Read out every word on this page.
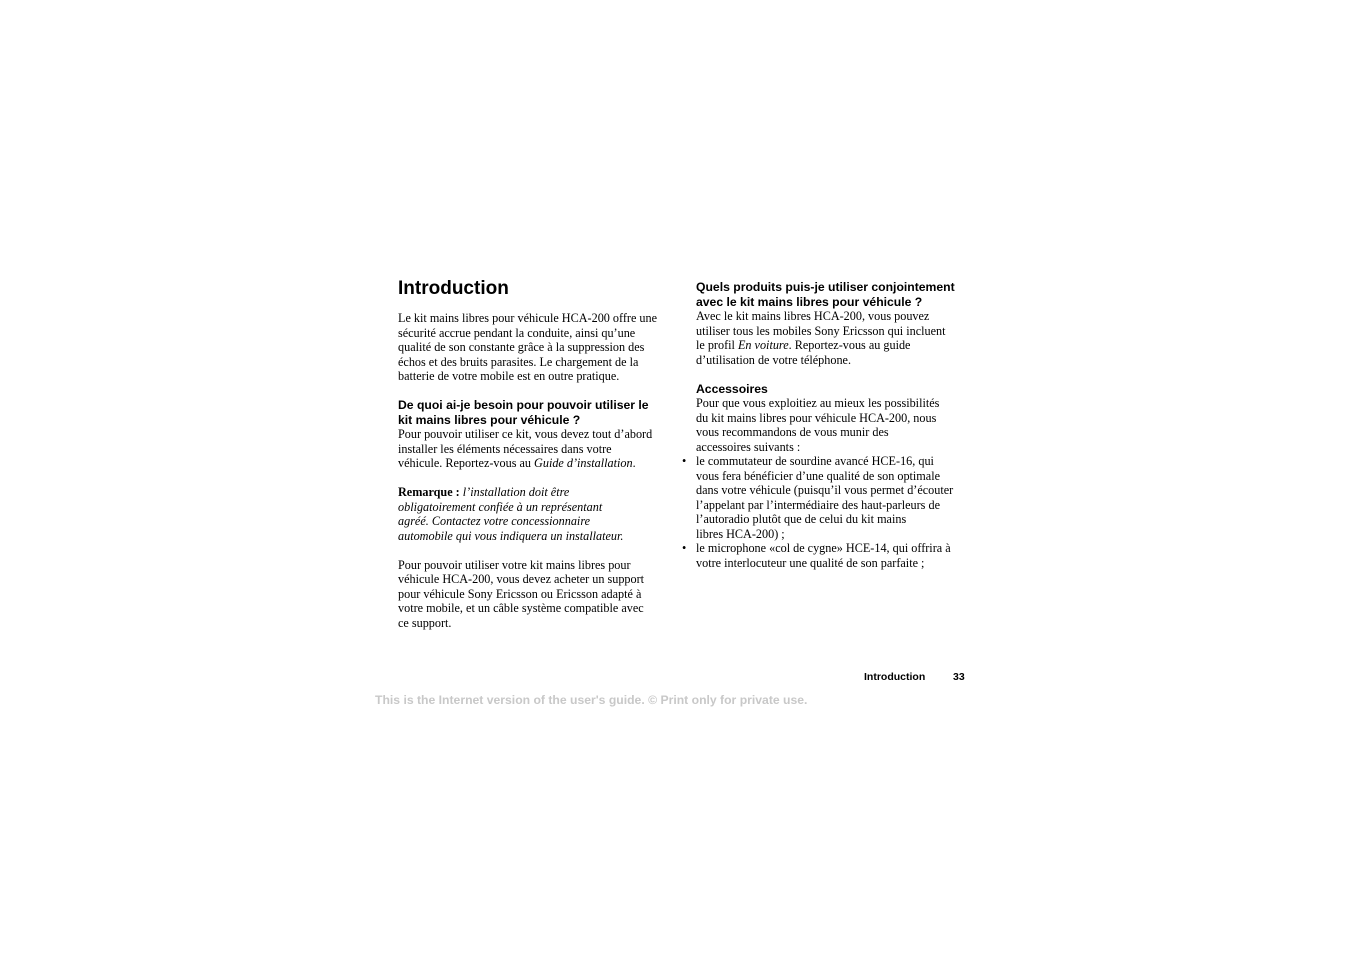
Introduction

Le kit mains libres pour véhicule HCA-200 offre une
sécurité accrue pendant la conduite, ainsi qu’une
qualité de son constante grâce à la suppression des
échos et des bruits parasites. Le chargement de la
batterie de votre mobile est en outre pratique.

De quoi ai-je besoin pour pouvoir utiliser le
kit mains libres pour véhicule ?

Pour pouvoir utiliser ce kit, vous devez tout d’abord
installer les éléments nécessaires dans votre
véhicule. Reportez-vous au Guide d’installation.

Remarque : l’installation doit être
obligatoirement confiée à un représentant
agréé. Contactez votre concessionnaire
automobile qui vous indiquera un installateur.

Pour pouvoir utiliser votre kit mains libres pour
véhicule HCA-200, vous devez acheter un support
pour véhicule Sony Ericsson ou Ericsson adapté à
votre mobile, et un câble système compatible avec
ce support.

Quels produits puis-je utiliser conjointement
avec le kit mains libres pour véhicule ?

Avec le kit mains libres HCA-200, vous pouvez
utiliser tous les mobiles Sony Ericsson qui incluent
le profil En voiture. Reportez-vous au guide
d’utilisation de votre téléphone.

Accessoires

Pour que vous exploitiez au mieux les possibilités
du kit mains libres pour véhicule HCA-200, nous
vous recommandons de vous munir des
accessoires suivants :

• le commutateur de sourdine avancé HCE-16, qui
vous fera bénéficier d’une qualité de son optimale
dans votre véhicule (puisqu’il vous permet d’écouter
l’appelant par l’intermédiaire des haut-parleurs de
l’autoradio plutôt que de celui du kit mains
libres HCA-200) ;
• le microphone «col de cygne» HCE-14, qui offrira à
votre interlocuteur une qualité de son parfaite ;
Introduction	33
This is the Internet version of the user's guide. © Print only for private use.
